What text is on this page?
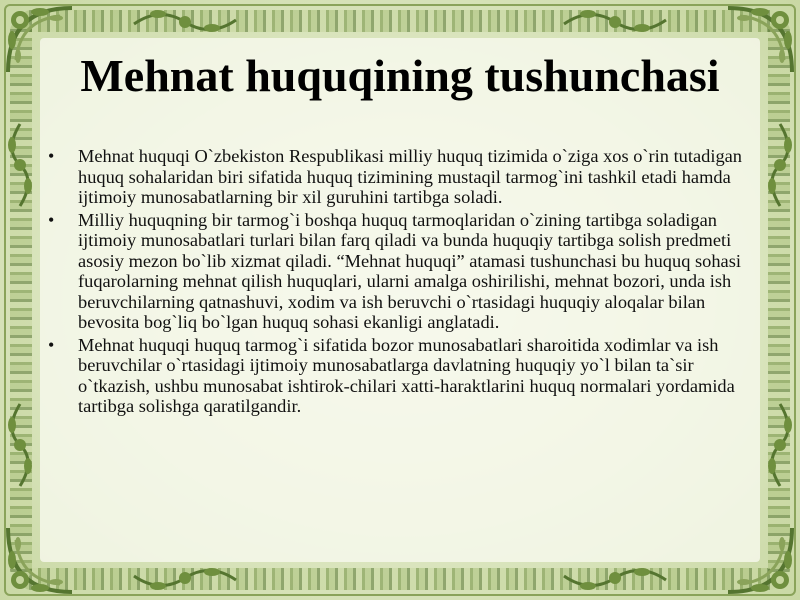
Mehnat huquqining tushunchasi
• Mehnat huquqi O`zbekiston Respublikasi milliy huquq tizimida o`ziga xos o`rin tutadigan huquq sohalaridan biri sifatida huquq tizimining mustaqil tarmog`ini tashkil etadi hamda ijtimoiy munosabatlarning bir xil guruhini tartibga soladi.
• Milliy huquqning bir tarmog`i boshqa huquq tarmoqlaridan o`zining tartibga soladigan ijtimoiy munosabatlari turlari bilan farq qiladi va bunda huquqiy tartibga solish predmeti asosiy mezon bo`lib xizmat qiladi. “Mehnat huquqi” atamasi tushunchasi bu huquq sohasi fuqarolarning mehnat qilish huquqlari, ularni amalga oshirilishi, mehnat bozori, unda ish beruvchilarning qatnashuvi, xodim va ish beruvchi o`rtasidagi huquqiy aloqalar bilan bevosita bog`liq bo`lgan huquq sohasi ekanligi anglatadi.
• Mehnat huquqi huquq tarmog`i sifatida bozor munosabatlari sharoitida xodimlar va ish beruvchilar o`rtasidagi ijtimoiy munosabatlarga davlatning huquqiy yo`l bilan ta`sir o`tkazish, ushbu munosabat ishtirok-chilari xatti-haraktlarini huquq normalari yordamida tartibga solishga qaratilgandir.
